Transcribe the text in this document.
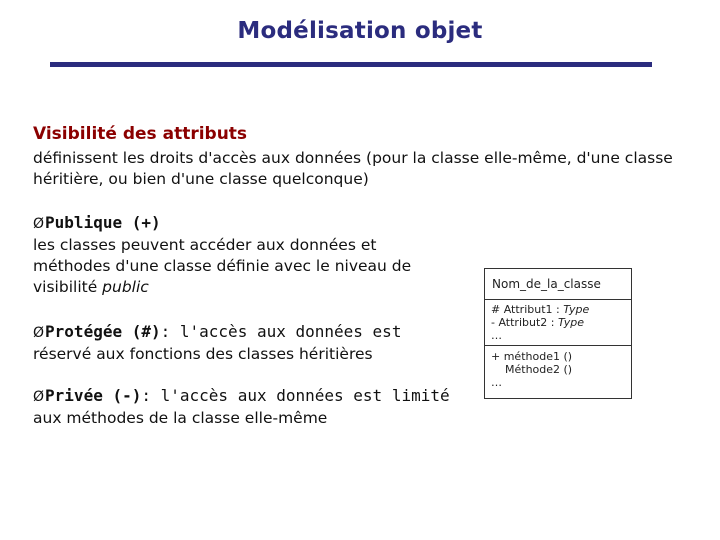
Modélisation objet
Visibilité des attributs
définissent les droits d'accès aux données (pour la classe elle-même, d'une classe héritière, ou bien d'une classe quelconque)
ØPublique (+)
les classes peuvent accéder aux données et méthodes d'une classe définie avec le niveau de visibilité public
ØProtégée (#): l'accès aux données est
réservé aux fonctions des classes héritières
ØPrivée (-): l'accès aux données est limité
aux méthodes de la classe elle-même
Nom_de_la_classe
# Attribut1 : Type
- Attribut2 : Type
…
+ méthode1 ()
Méthode2 ()
…
